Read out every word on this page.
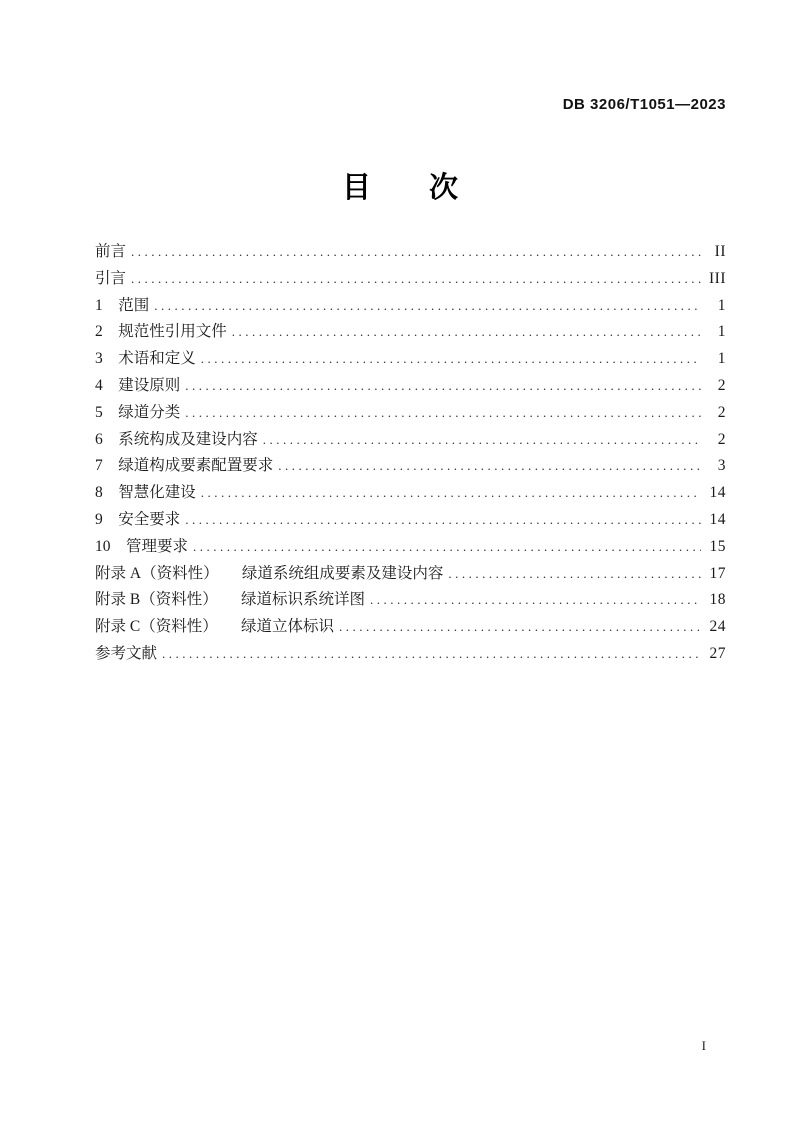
DB 3206/T1051—2023
目　　次
前言 .....	II
引言 .....	III
1　范围 .....	1
2　规范性引用文件 .....	1
3　术语和定义 .....	1
4　建设原则 .....	2
5　绿道分类 .....	2
6　系统构成及建设内容 .....	2
7　绿道构成要素配置要求 .....	3
8　智慧化建设 .....	14
9　安全要求 .....	14
10　管理要求 .....	15
附录 A（资料性）　　绿道系统组成要素及建设内容 .....	17
附录 B（资料性）　　绿道标识系统详图 .....	18
附录 C（资料性）　　绿道立体标识 .....	24
参考文献 .....	27
I
